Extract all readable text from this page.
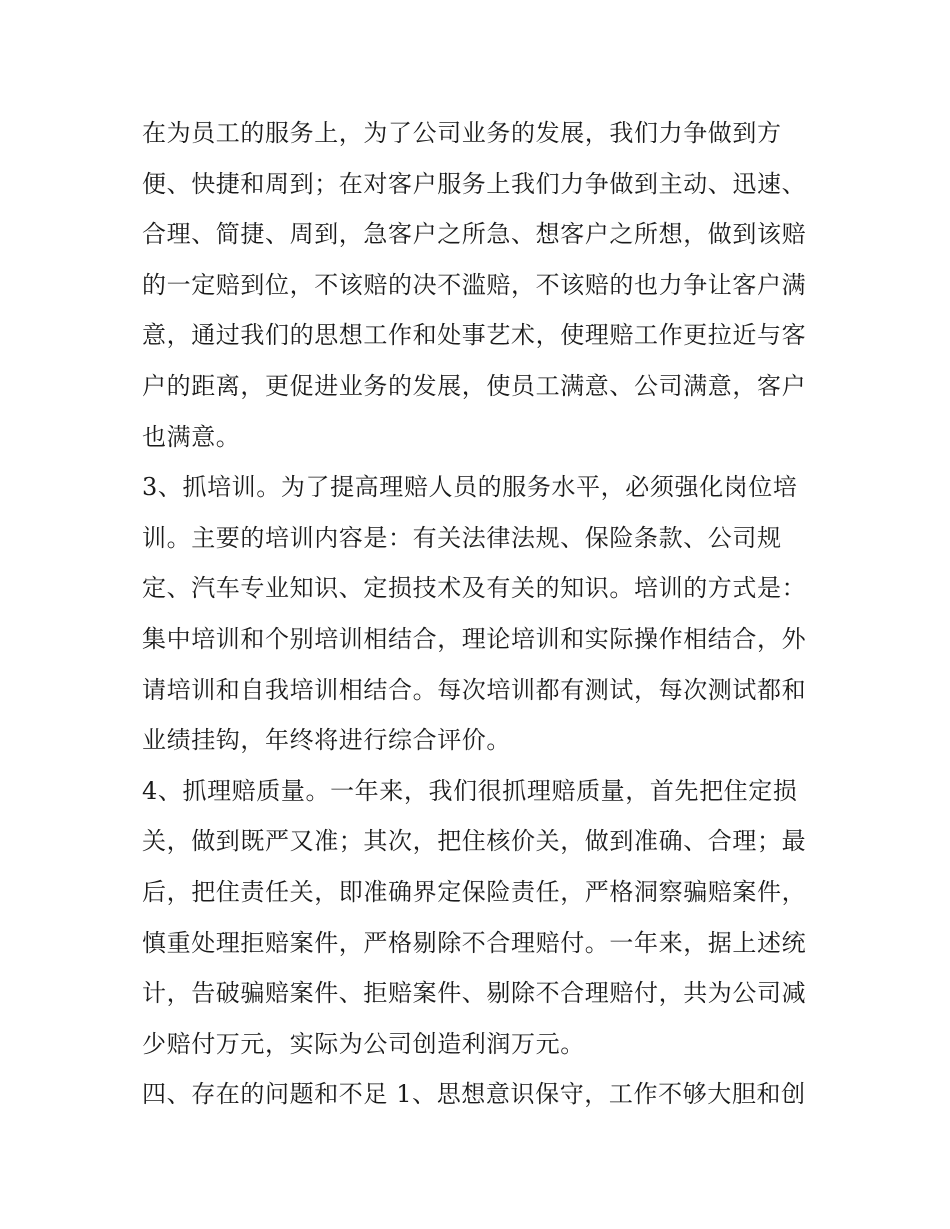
在为员工的服务上，为了公司业务的发展，我们力争做到方
便、快捷和周到；在对客户服务上我们力争做到主动、迅速、
合理、简捷、周到，急客户之所急、想客户之所想，做到该赔
的一定赔到位，不该赔的决不滥赔，不该赔的也力争让客户满
意，通过我们的思想工作和处事艺术，使理赔工作更拉近与客
户的距离，更促进业务的发展，使员工满意、公司满意，客户
也满意。
3、抓培训。为了提高理赔人员的服务水平，必须强化岗位培
训。主要的培训内容是：有关法律法规、保险条款、公司规
定、汽车专业知识、定损技术及有关的知识。培训的方式是：
集中培训和个别培训相结合，理论培训和实际操作相结合，外
请培训和自我培训相结合。每次培训都有测试，每次测试都和
业绩挂钩，年终将进行综合评价。
4、抓理赔质量。一年来，我们很抓理赔质量，首先把住定损
关，做到既严又准；其次，把住核价关，做到准确、合理；最
后，把住责任关，即准确界定保险责任，严格洞察骗赔案件，
慎重处理拒赔案件，严格剔除不合理赔付。一年来，据上述统
计，告破骗赔案件、拒赔案件、剔除不合理赔付，共为公司减
少赔付万元，实际为公司创造利润万元。
四、存在的问题和不足 1、思想意识保守，工作不够大胆和创
